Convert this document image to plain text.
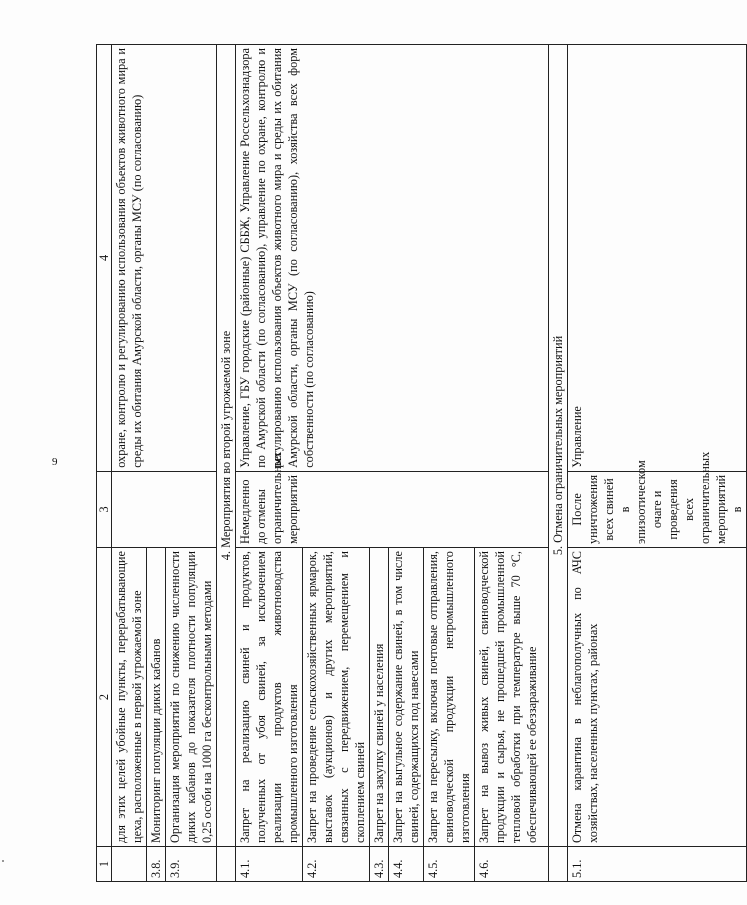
9
1	2	3	4
	для этих целей убойные пункты, перерабатывающие цеха, расположенные в первой угрожаемой зоне		охране, контролю и регулированию использования объектов животного мира и среды их обитания Амурской области, органы МСУ (по согласованию)
3.8.	Мониторинг популяции диких кабанов		
3.9.	Организация мероприятий по снижению численности диких кабанов до показателя плотности популяции 0,25 особи на 1000 га бесконтрольными методами		
	4. Мероприятия во второй угрожаемой зоне		
4.1.	Запрет на реализацию свиней и продуктов, полученных от убоя свиней, за исключением реализации продуктов животноводства промышленного изготовления	Немедленно до отмены ограничительных мероприятий	Управление, ГБУ городские (районные) СББЖ, Управление Россельхознадзора по Амурской области (по согласованию), управление по охране, контролю и регулированию использования объектов животного мира и среды их обитания Амурской области, органы МСУ (по согласованию), хозяйства всех форм собственности (по согласованию)
4.2.	Запрет на проведение сельскохозяйственных ярмарок, выставок (аукционов) и других мероприятий, связанных с передвижением, перемещением и скоплением свиней		
4.3.	Запрет на закупку свиней у населения		
4.4.	Запрет на выгульное содержание свиней, в том числе свиней, содержащихся под навесами		
4.5.	Запрет на пересылку, включая почтовые отправления, свиноводческой продукции непромышленного изготовления		
4.6.	Запрет на вывоз живых свиней, свиноводческой продукции и сырья, не прошедшей промышленной тепловой обработки при температуре выше 70 °С, обеспечивающей ее обеззараживание		
	5. Отмена ограничительных мероприятий		
5.1.	Отмена карантина в неблагополучных по АЧС хозяйствах, населенных пунктах, районах	После уничтожения всех свиней в эпизоотическом очаге и проведения всех ограничительных мероприятий в	Управление
